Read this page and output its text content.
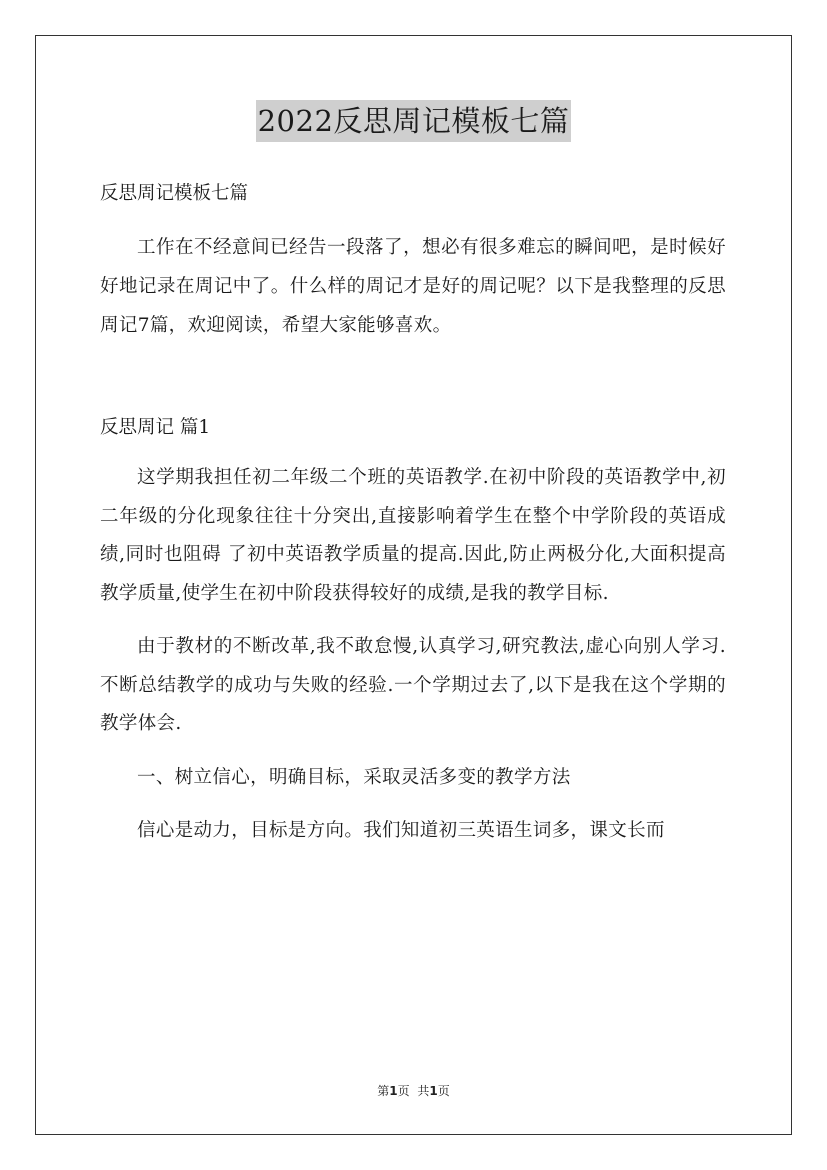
2022反思周记模板七篇
反思周记模板七篇

工作在不经意间已经告一段落了，想必有很多难忘的瞬间吧，是时候好好地记录在周记中了。什么样的周记才是好的周记呢？以下是我整理的反思周记7篇，欢迎阅读，希望大家能够喜欢。

反思周记 篇1

这学期我担任初二年级二个班的英语教学.在初中阶段的英语教学中,初二年级的分化现象往往十分突出,直接影响着学生在整个中学阶段的英语成绩,同时也阻碍 了初中英语教学质量的提高.因此,防止两极分化,大面积提高教学质量,使学生在初中阶段获得较好的成绩,是我的教学目标.

由于教材的不断改革,我不敢怠慢,认真学习,研究教法,虚心向别人学习.不断总结教学的成功与失败的经验.一个学期过去了,以下是我在这个学期的教学体会.

一、树立信心，明确目标，采取灵活多变的教学方法

信心是动力，目标是方向。我们知道初三英语生词多，课文长而

第1页 共1页
